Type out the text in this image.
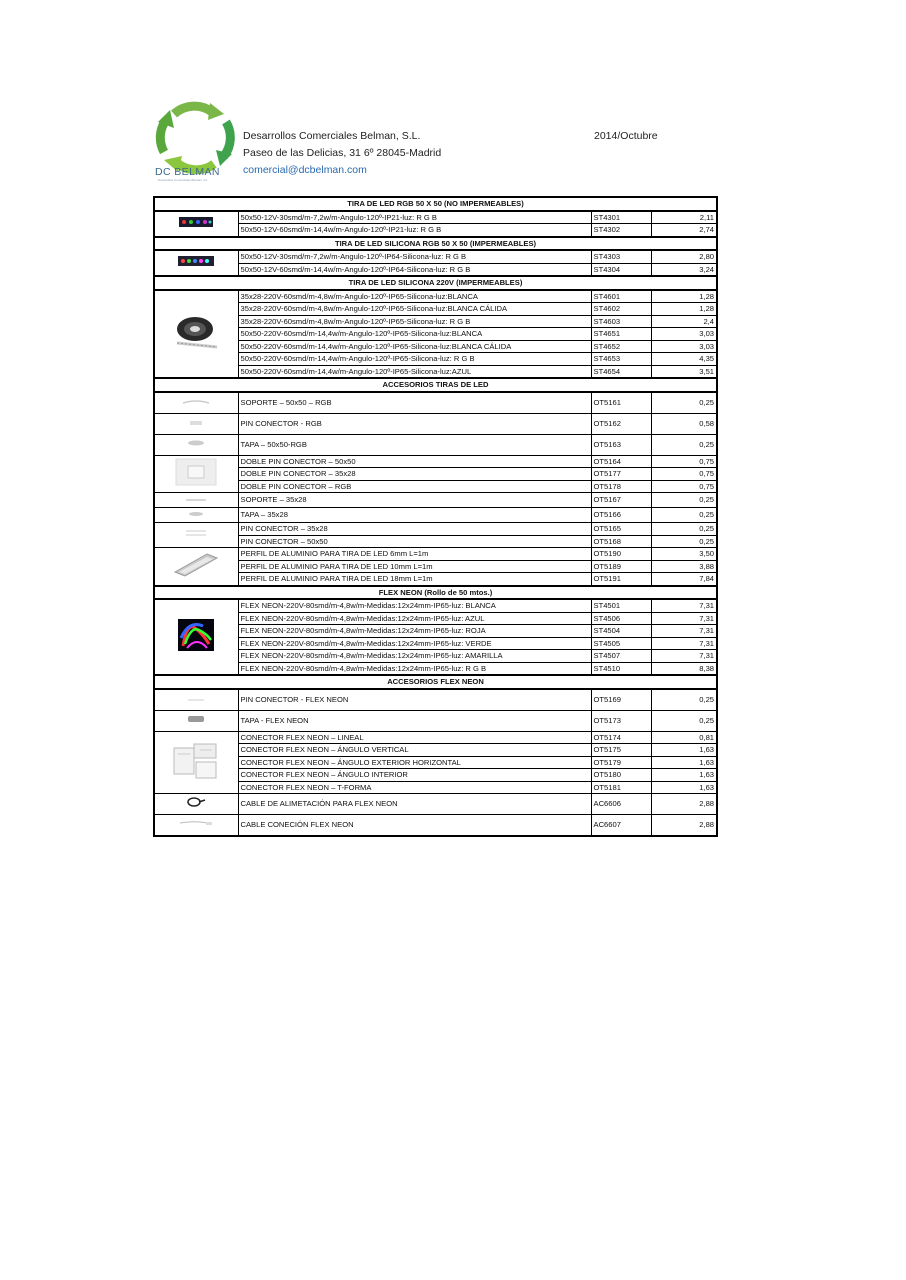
DC BELMAN
Desarrollos Comerciales Belman, S.L.
Desarrollos Comerciales Belman, S.L.
Paseo de las Delicias, 31 6º 28045-Madrid
comercial@dcbelman.com
2014/Octubre
TIRA DE LED RGB 50 X 50 (NO IMPERMEABLES)			
	50x50-12V-30smd/m-7,2w/m-Angulo-120º-IP21-luz: R G B	ST4301	2,11
	50x50-12V-60smd/m-14,4w/m-Angulo-120º-IP21-luz: R G B	ST4302	2,74
TIRA DE LED SILICONA RGB 50 X 50 (IMPERMEABLES)			
	50x50-12V-30smd/m-7,2w/m-Angulo-120º-IP64-Silicona-luz: R G B	ST4303	2,80
	50x50-12V-60smd/m-14,4w/m-Angulo-120º-IP64-Silicona-luz: R G B	ST4304	3,24
TIRA DE LED SILICONA 220V (IMPERMEABLES)			
	35x28-220V-60smd/m-4,8w/m-Angulo-120º-IP65-Silicona-luz:BLANCA	ST4601	1,28
	35x28-220V-60smd/m-4,8w/m-Angulo-120º-IP65-Silicona-luz:BLANCA CÁLIDA	ST4602	1,28
	35x28-220V-60smd/m-4,8w/m-Angulo-120º-IP65-Silicona-luz: R G B	ST4603	2,4
	50x50-220V-60smd/m-14,4w/m-Angulo-120º-IP65-Silicona-luz:BLANCA	ST4651	3,03
	50x50-220V-60smd/m-14,4w/m-Angulo-120º-IP65-Silicona-luz:BLANCA CÁLIDA	ST4652	3,03
	50x50-220V-60smd/m-14,4w/m-Angulo-120º-IP65-Silicona-luz: R G B	ST4653	4,35
	50x50-220V-60smd/m-14,4w/m-Angulo-120º-IP65-Silicona-luz:AZUL	ST4654	3,51
ACCESORIOS TIRAS DE LED			
	SOPORTE – 50x50 – RGB	OT5161	0,25
	PIN CONECTOR - RGB	OT5162	0,58
	TAPA – 50x50-RGB	OT5163	0,25
	DOBLE PIN CONECTOR – 50x50	OT5164	0,75
	DOBLE PIN CONECTOR – 35x28	OT5177	0,75
	DOBLE PIN CONECTOR – RGB	OT5178	0,75
	SOPORTE – 35x28	OT5167	0,25
	TAPA – 35x28	OT5166	0,25
	PIN CONECTOR – 35x28	OT5165	0,25
	PIN CONECTOR – 50x50	OT5168	0,25
	PERFIL DE ALUMINIO PARA TIRA DE LED 6mm L=1m	OT5190	3,50
	PERFIL DE ALUMINIO PARA TIRA DE LED 10mm L=1m	OT5189	3,88
	PERFIL DE ALUMINIO PARA TIRA DE LED 18mm L=1m	OT5191	7,84
FLEX NEON (Rollo de 50 mtos.)			
	FLEX NEON-220V-80smd/m-4,8w/m-Medidas:12x24mm-IP65-luz: BLANCA	ST4501	7,31
	FLEX NEON-220V-80smd/m-4,8w/m-Medidas:12x24mm-IP65-luz: AZUL	ST4506	7,31
	FLEX NEON-220V-80smd/m-4,8w/m-Medidas:12x24mm-IP65-luz: ROJA	ST4504	7,31
	FLEX NEON-220V-80smd/m-4,8w/m-Medidas:12x24mm-IP65-luz: VERDE	ST4505	7,31
	FLEX NEON-220V-80smd/m-4,8w/m-Medidas:12x24mm-IP65-luz: AMARILLA	ST4507	7,31
	FLEX NEON-220V-80smd/m-4,8w/m-Medidas:12x24mm-IP65-luz: R G B	ST4510	8,38
ACCESORIOS FLEX NEON			
	PIN CONECTOR - FLEX NEON	OT5169	0,25
	TAPA - FLEX NEON	OT5173	0,25
	CONECTOR FLEX NEON – LINEAL	OT5174	0,81
	CONECTOR FLEX NEON – ÁNGULO VERTICAL	OT5175	1,63
	CONECTOR FLEX NEON – ÁNGULO EXTERIOR HORIZONTAL	OT5179	1,63
	CONECTOR FLEX NEON – ÁNGULO INTERIOR	OT5180	1,63
	CONECTOR FLEX NEON – T-FORMA	OT5181	1,63
	CABLE DE ALIMETACIÓN PARA FLEX NEON	AC6606	2,88
	CABLE CONECIÓN FLEX NEON	AC6607	2,88
